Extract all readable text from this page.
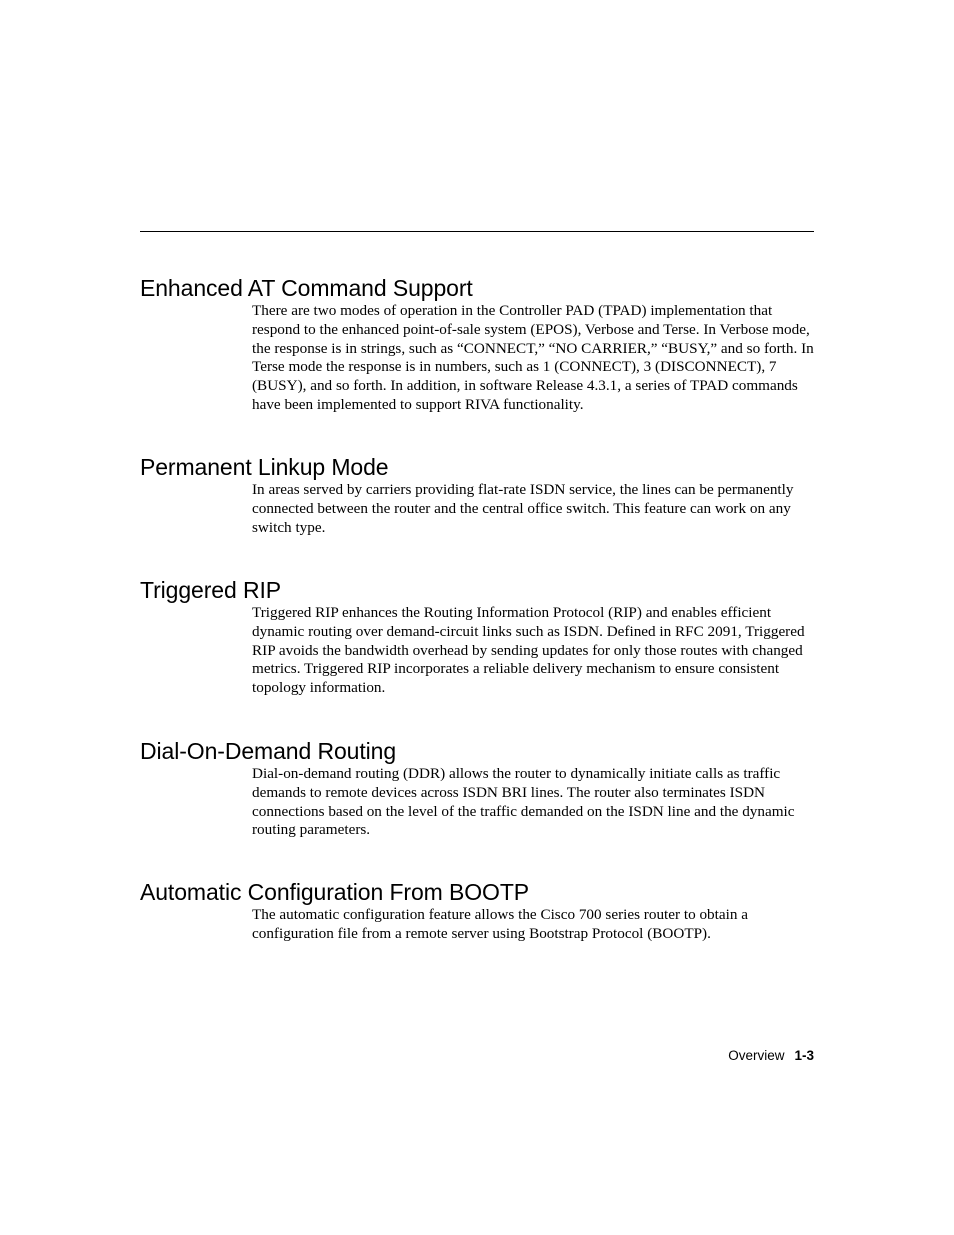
Enhanced AT Command Support

There are two modes of operation in the Controller PAD (TPAD) implementation that respond to the enhanced point-of-sale system (EPOS), Verbose and Terse. In Verbose mode, the response is in strings, such as “CONNECT,” “NO CARRIER,” “BUSY,” and so forth. In Terse mode the response is in numbers, such as 1 (CONNECT), 3 (DISCONNECT), 7 (BUSY), and so forth. In addition, in software Release 4.3.1, a series of TPAD commands have been implemented to support RIVA functionality.

Permanent Linkup Mode

In areas served by carriers providing flat-rate ISDN service, the lines can be permanently connected between the router and the central office switch. This feature can work on any switch type.

Triggered RIP

Triggered RIP enhances the Routing Information Protocol (RIP) and enables efficient dynamic routing over demand-circuit links such as ISDN. Defined in RFC 2091, Triggered RIP avoids the bandwidth overhead by sending updates for only those routes with changed metrics. Triggered RIP incorporates a reliable delivery mechanism to ensure consistent topology information.

Dial-On-Demand Routing

Dial-on-demand routing (DDR) allows the router to dynamically initiate calls as traffic demands to remote devices across ISDN BRI lines. The router also terminates ISDN connections based on the level of the traffic demanded on the ISDN line and the dynamic routing parameters.

Automatic Configuration From BOOTP

The automatic configuration feature allows the Cisco 700 series router to obtain a configuration file from a remote server using Bootstrap Protocol (BOOTP).

Overview 1-3
